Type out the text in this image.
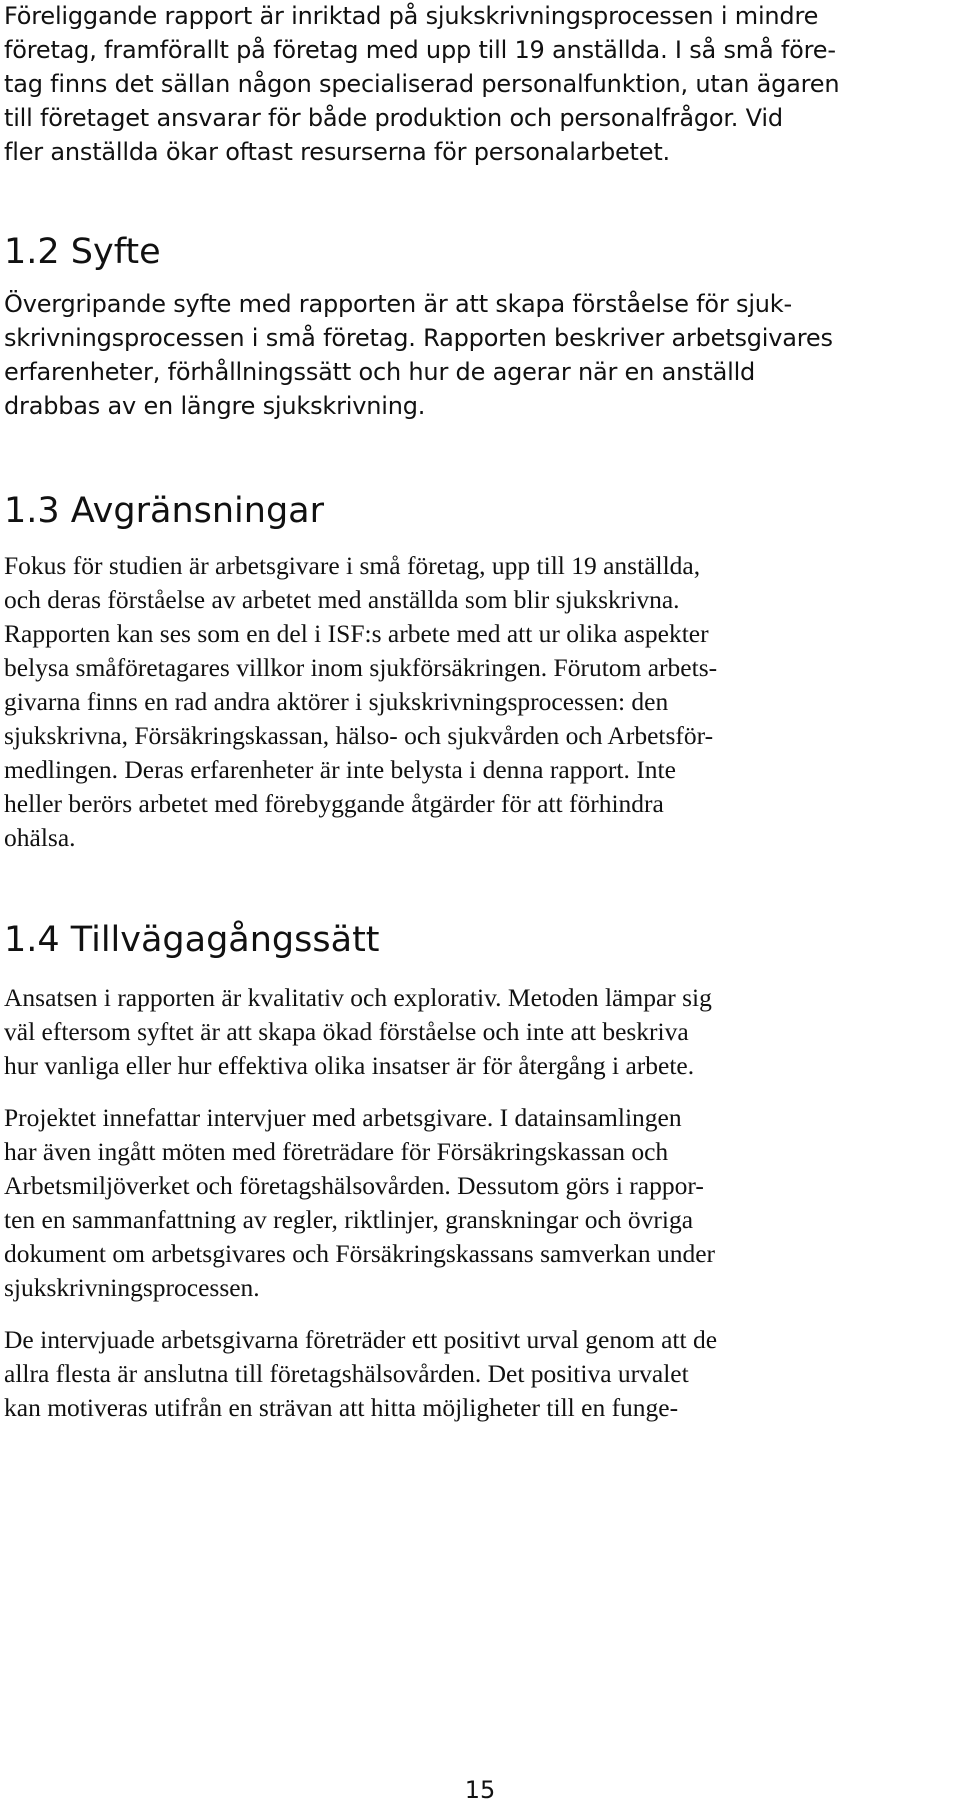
Föreliggande rapport är inriktad på sjukskrivningsprocessen i mindre
företag, framförallt på företag med upp till 19 anställda. I så små före-
tag finns det sällan någon specialiserad personalfunktion, utan ägaren
till företaget ansvarar för både produktion och personalfrågor. Vid
fler anställda ökar oftast resurserna för personalarbetet.
1.2 Syfte
Övergripande syfte med rapporten är att skapa förståelse för sjuk-
skrivningsprocessen i små företag. Rapporten beskriver arbetsgivares
erfarenheter, förhållningssätt och hur de agerar när en anställd
drabbas av en längre sjukskrivning.
1.3 Avgränsningar
Fokus för studien är arbetsgivare i små företag, upp till 19 anställda,
och deras förståelse av arbetet med anställda som blir sjukskrivna.
Rapporten kan ses som en del i ISF:s arbete med att ur olika aspekter
belysa småföretagares villkor inom sjukförsäkringen. Förutom arbets-
givarna finns en rad andra aktörer i sjukskrivningsprocessen: den
sjukskrivna, Försäkringskassan, hälso- och sjukvården och Arbetsför-
medlingen. Deras erfarenheter är inte belysta i denna rapport. Inte
heller berörs arbetet med förebyggande åtgärder för att förhindra
ohälsa.
1.4 Tillvägagångssätt
Ansatsen i rapporten är kvalitativ och explorativ. Metoden lämpar sig
väl eftersom syftet är att skapa ökad förståelse och inte att beskriva
hur vanliga eller hur effektiva olika insatser är för återgång i arbete.
Projektet innefattar intervjuer med arbetsgivare. I datainsamlingen
har även ingått möten med företrädare för Försäkringskassan och
Arbetsmiljöverket och företagshälsovården. Dessutom görs i rappor-
ten en sammanfattning av regler, riktlinjer, granskningar och övriga
dokument om arbetsgivares och Försäkringskassans samverkan under
sjukskrivningsprocessen.
De intervjuade arbetsgivarna företräder ett positivt urval genom att de
allra flesta är anslutna till företagshälsovården. Det positiva urvalet
kan motiveras utifrån en strävan att hitta möjligheter till en funge-
15
